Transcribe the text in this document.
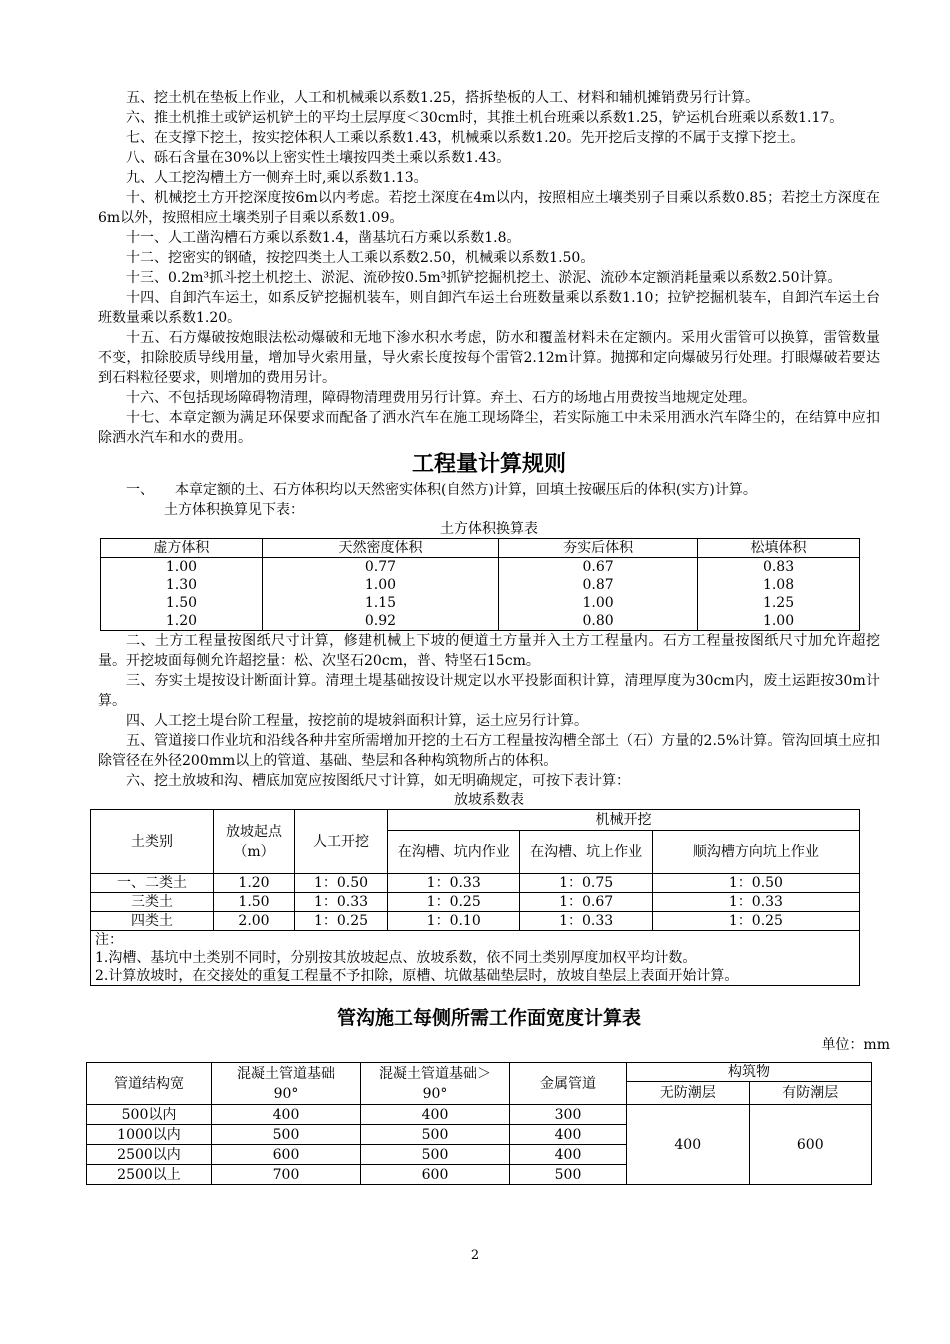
五、挖土机在垫板上作业，人工和机械乘以系数1.25，搭拆垫板的人工、材料和辅机摊销费另行计算。

六、推土机推土或铲运机铲土的平均土层厚度＜30cm时，其推土机台班乘以系数1.25，铲运机台班乘以系数1.17。

七、在支撑下挖土，按实挖体积人工乘以系数1.43，机械乘以系数1.20。先开挖后支撑的不属于支撑下挖土。

八、砾石含量在30%以上密实性土壤按四类土乘以系数1.43。

九、人工挖沟槽土方一侧弃土时,乘以系数1.13。

十、机械挖土方开挖深度按6m以内考虑。若挖土深度在4m以内，按照相应土壤类别子目乘以系数0.85；若挖土方深度在6m以外，按照相应土壤类别子目乘以系数1.09。

十一、人工凿沟槽石方乘以系数1.4，凿基坑石方乘以系数1.8。

十二、挖密实的钢碴，按挖四类土人工乘以系数2.50，机械乘以系数1.50。

十三、0.2m³抓斗挖土机挖土、淤泥、流砂按0.5m³抓铲挖掘机挖土、淤泥、流砂本定额消耗量乘以系数2.50计算。

十四、自卸汽车运土，如系反铲挖掘机装车，则自卸汽车运土台班数量乘以系数1.10；拉铲挖掘机装车，自卸汽车运土台班数量乘以系数1.20。

十五、石方爆破按炮眼法松动爆破和无地下渗水积水考虑，防水和覆盖材料未在定额内。采用火雷管可以换算，雷管数量不变，扣除胶质导线用量，增加导火索用量，导火索长度按每个雷管2.12m计算。抛掷和定向爆破另行处理。打眼爆破若要达到石料粒径要求，则增加的费用另计。

十六、不包括现场障碍物清理，障碍物清理费用另行计算。弃土、石方的场地占用费按当地规定处理。

十七、本章定额为满足环保要求而配备了洒水汽车在施工现场降尘，若实际施工中未采用洒水汽车降尘的，在结算中应扣除洒水汽车和水的费用。

工程量计算规则

一、　　本章定额的土、石方体积均以天然密实体积(自然方)计算，回填土按碾压后的体积(实方)计算。

土方体积换算见下表：

土方体积换算表

虚方体积	天然密度体积	夯实后体积	松填体积
1.00	0.77	0.67	0.83
1.30	1.00	0.87	1.08
1.50	1.15	1.00	1.25
1.20	0.92	0.80	1.00

二、土方工程量按图纸尺寸计算，修建机械上下坡的便道土方量并入土方工程量内。石方工程量按图纸尺寸加允许超挖量。开挖坡面每侧允许超挖量：松、次坚石20cm，普、特坚石15cm。

三、夯实土堤按设计断面计算。清理土堤基础按设计规定以水平投影面积计算，清理厚度为30cm内，废土运距按30m计算。

四、人工挖土堤台阶工程量，按挖前的堤坡斜面积计算，运土应另行计算。

五、管道接口作业坑和沿线各种井室所需增加开挖的土石方工程量按沟槽全部土（石）方量的2.5%计算。管沟回填土应扣除管径在外径200mm以上的管道、基础、垫层和各种构筑物所占的体积。

六、挖土放坡和沟、槽底加宽应按图纸尺寸计算，如无明确规定，可按下表计算：

放坡系数表

土类别	放坡起点（m）	人工开挖	机械开挖		
			在沟槽、坑内作业	在沟槽、坑上作业	顺沟槽方向坑上作业
一、二类土	1.20	1：0.50	1：0.33	1：0.75	1：0.50
三类土	1.50	1：0.33	1：0.25	1：0.67	1：0.33
四类土	2.00	1：0.25	1：0.10	1：0.33	1：0.25

注：
1.沟槽、基坑中土类别不同时，分别按其放坡起点、放坡系数，依不同土类别厚度加权平均计数。
2.计算放坡时，在交接处的重复工程量不予扣除，原槽、坑做基础垫层时，放坡自垫层上表面开始计算。					
管沟施工每侧所需工作面宽度计算表
单位：mm
管道结构宽	混凝土管道基础 90°	混凝土管道基础＞90°	金属管道	构筑物	
				无防潮层	有防潮层
500以内	400	400	300	400	600
1000以内	500	500	400		
2500以内	600	500	400		
2500以上	700	600	500		
2
